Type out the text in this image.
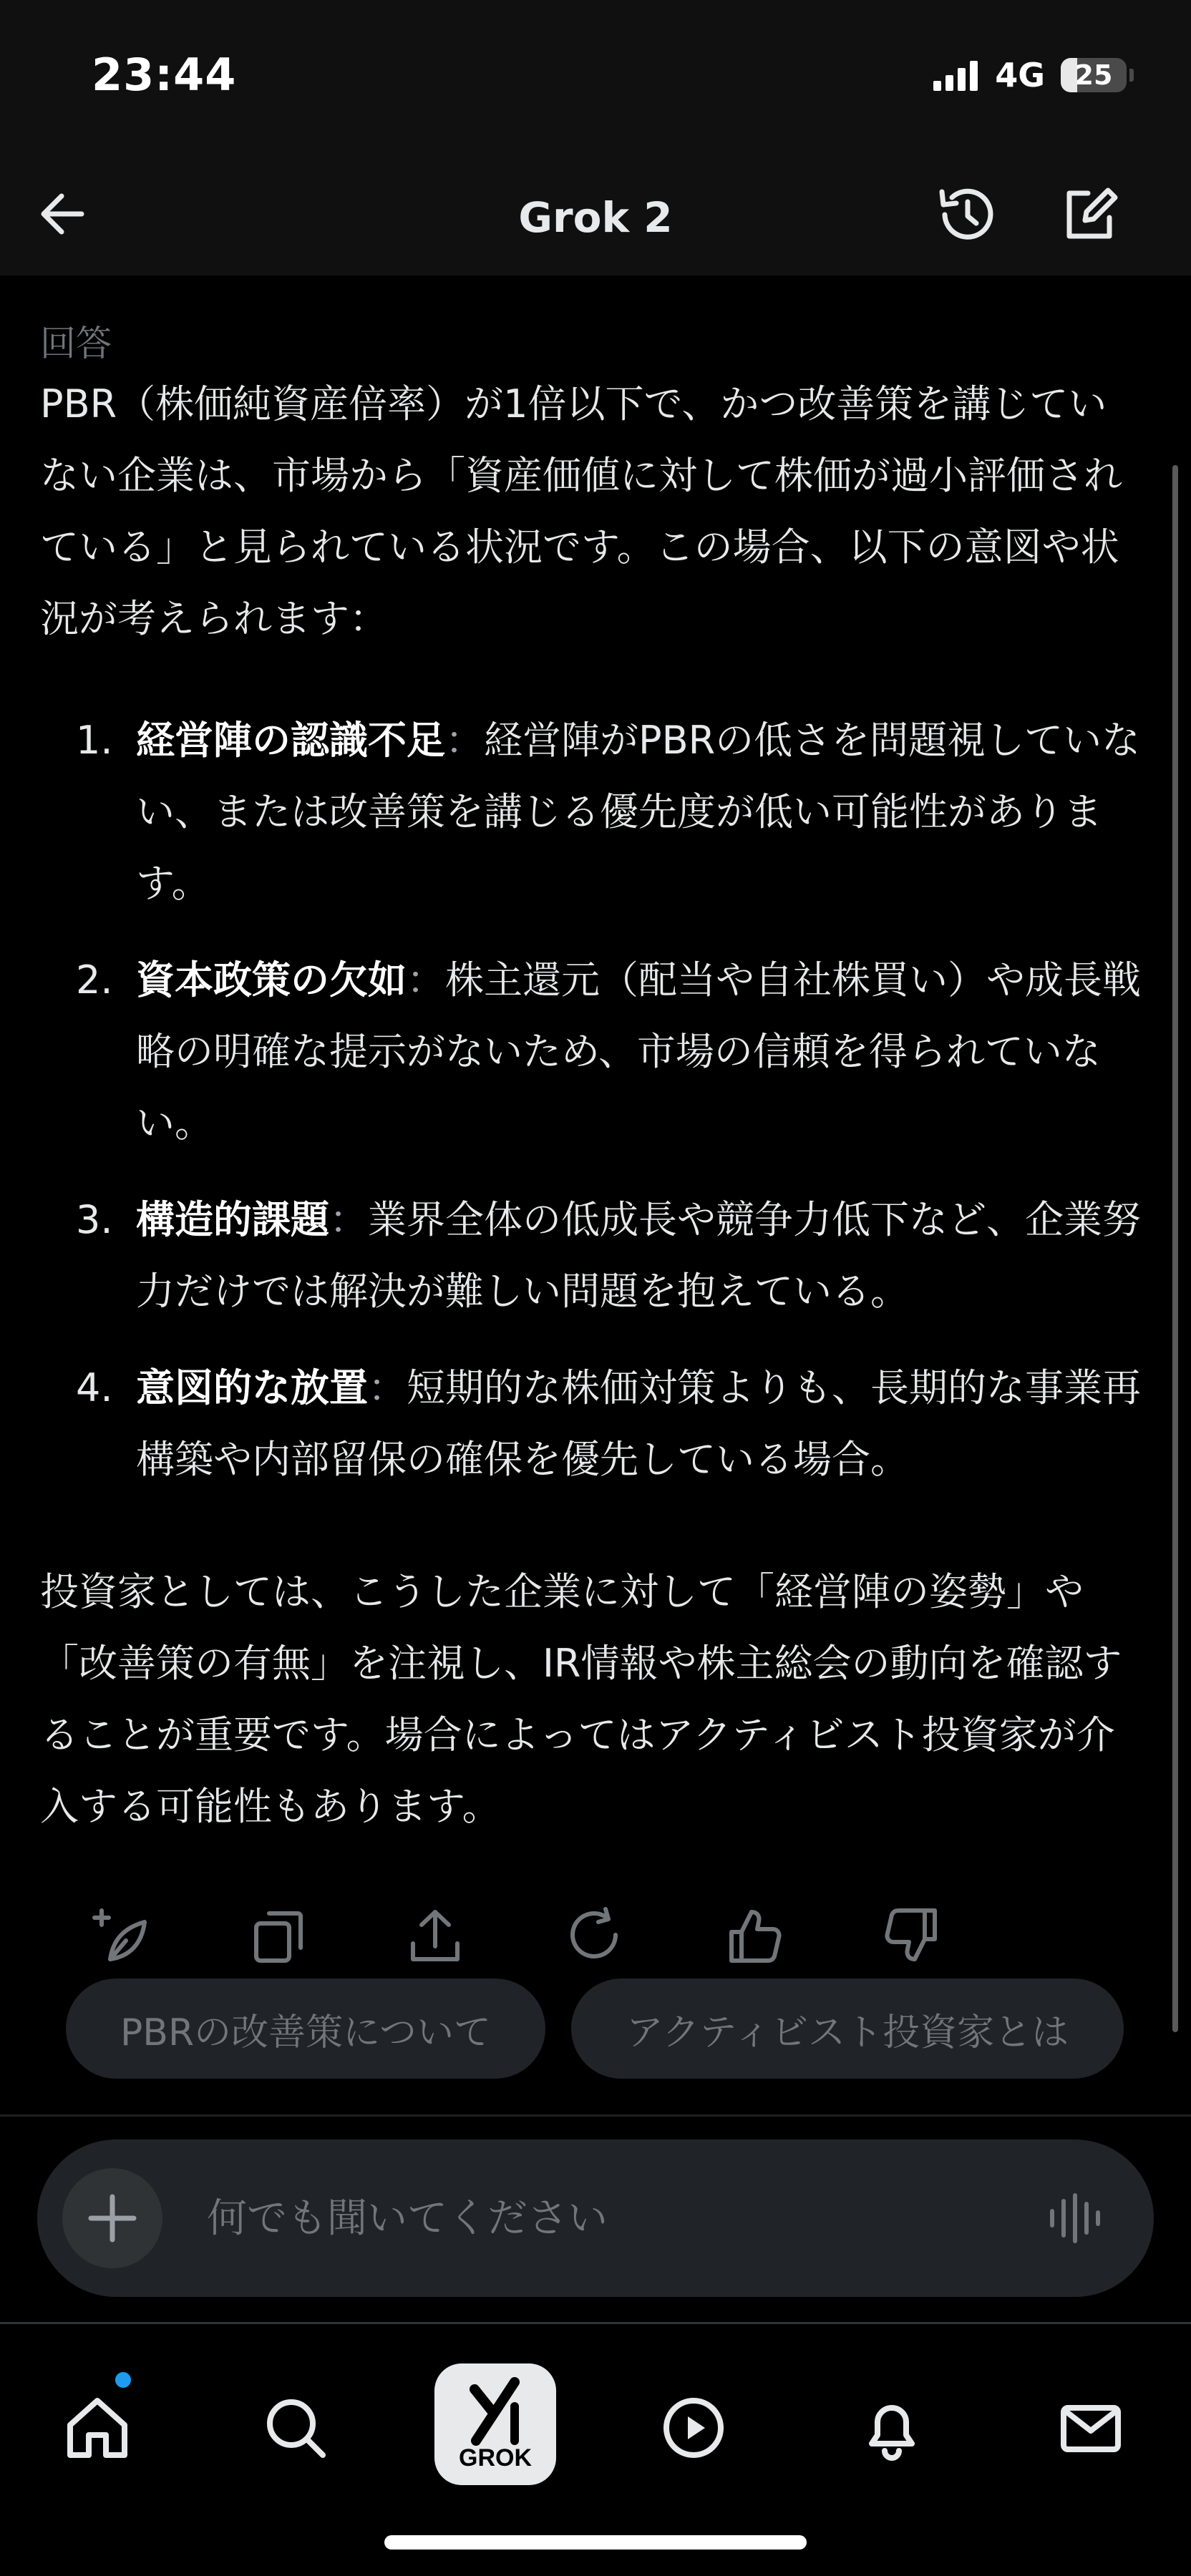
23:44	4G	25
Grok 2
回答
PBR（株価純資産倍率）が1倍以下で、かつ改善策を講じていない企業は、市場から「資産価値に対して株価が過小評価されている」と見られている状況です。この場合、以下の意図や状況が考えられます：
1. 経営陣の認識不足：経営陣がPBRの低さを問題視していない、または改善策を講じる優先度が低い可能性があります。
2. 資本政策の欠如：株主還元（配当や自社株買い）や成長戦略の明確な提示がないため、市場の信頼を得られていない。
3. 構造的課題：業界全体の低成長や競争力低下など、企業努力だけでは解決が難しい問題を抱えている。
4. 意図的な放置：短期的な株価対策よりも、長期的な事業再構築や内部留保の確保を優先している場合。
投資家としては、こうした企業に対して「経営陣の姿勢」や「改善策の有無」を注視し、IR情報や株主総会の動向を確認することが重要です。場合によってはアクティビスト投資家が介入する可能性もあります。
PBRの改善策について	アクティビスト投資家とは
何でも聞いてください
GROK
